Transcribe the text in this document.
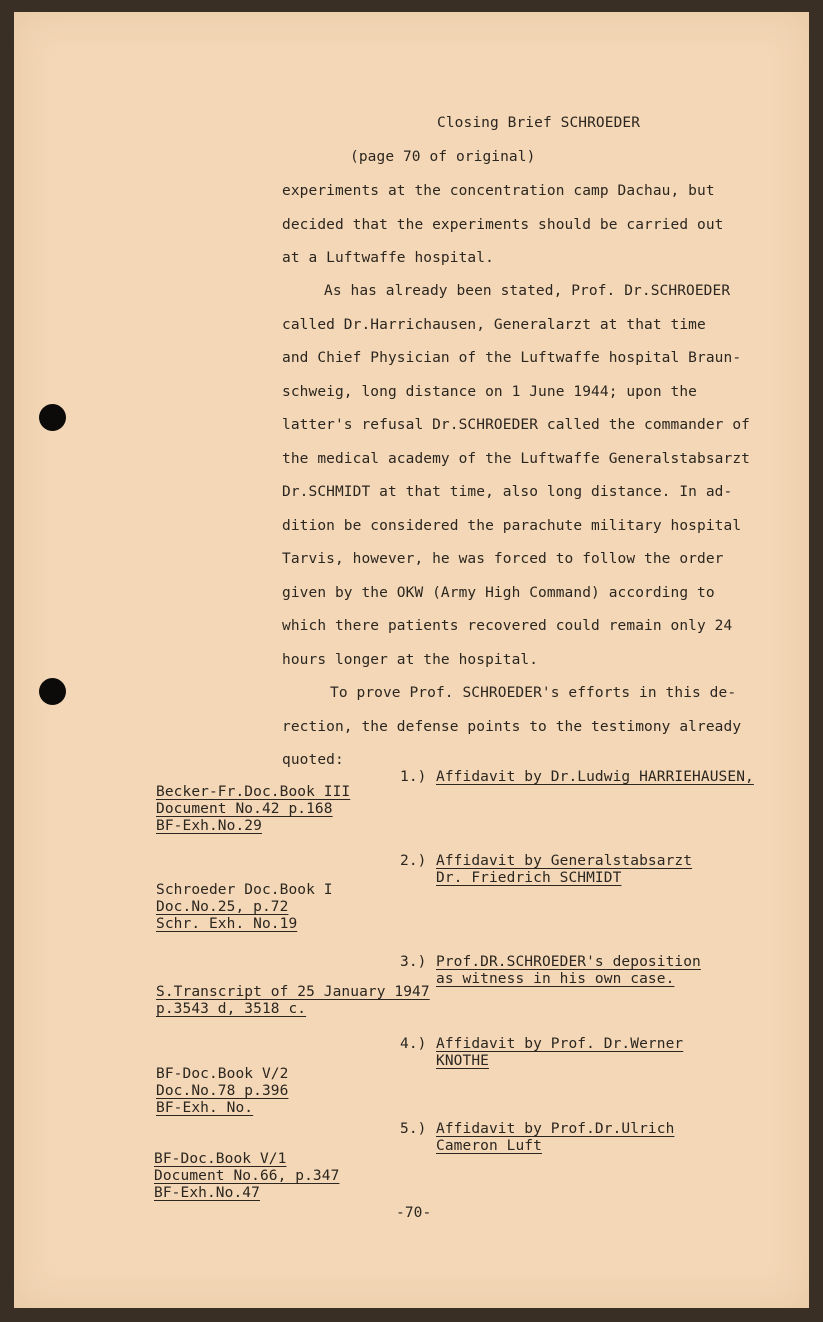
Closing Brief SCHROEDER
(page 70 of original)
experiments at the concentration camp Dachau, but
decided that the experiments should be carried out
at a Luftwaffe hospital.
As has already been stated, Prof. Dr.SCHROEDER
called Dr.Harrichausen, Generalarzt at that time
and Chief Physician of the Luftwaffe hospital Braun-
schweig, long distance on 1 June 1944; upon the
latter's refusal Dr.SCHROEDER called the commander of
the medical academy of the Luftwaffe Generalstabsarzt
Dr.SCHMIDT at that time, also long distance. In ad-
dition be considered the parachute military hospital
Tarvis, however, he was forced to follow the order
given by the OKW (Army High Command) according to
which there patients recovered could remain only 24
hours longer at the hospital.
To prove Prof. SCHROEDER's efforts in this de-
rection, the defense points to the testimony already
quoted:
1.) Affidavit by Dr.Ludwig HARRIEHAUSEN,
Becker-Fr.Doc.Book III
Document No.42 p.168
BF-Exh.No.29
2.) Affidavit by Generalstabsarzt
Dr. Friedrich SCHMIDT
Schroeder Doc.Book I
Doc.No.25, p.72
Schr. Exh. No.19
3.) Prof.DR.SCHROEDER's deposition
as witness in his own case.
S.Transcript of 25 January 1947
p.3543 d, 3518 c.
4.) Affidavit by Prof. Dr.Werner
KNOTHE
BF-Doc.Book V/2
Doc.No.78 p.396
BF-Exh. No.
5.) Affidavit by Prof.Dr.Ulrich
Cameron Luft
BF-Doc.Book V/1
Document No.66, p.347
BF-Exh.No.47
-70-
